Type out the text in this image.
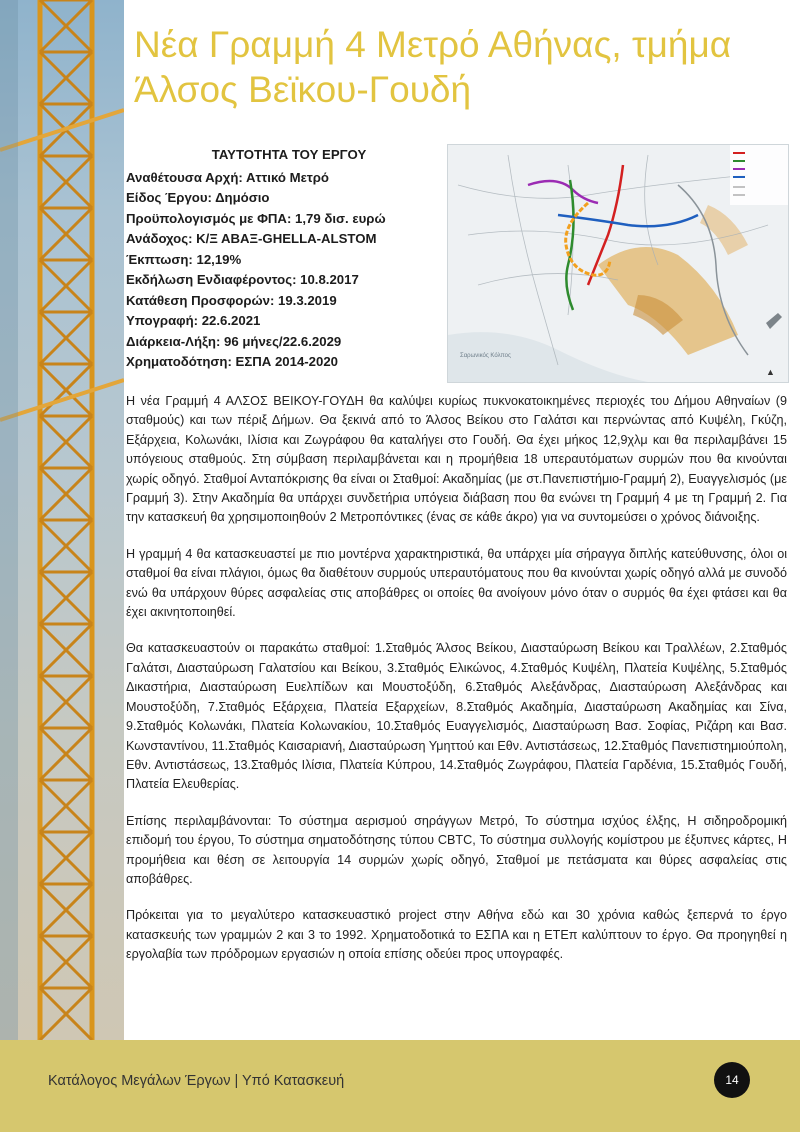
Νέα Γραμμή 4 Μετρό Αθήνας, τμήμα Άλσος Βεϊκου-Γουδή
ΤΑΥΤΟΤΗΤΑ ΤΟΥ ΕΡΓΟΥ
Αναθέτουσα Αρχή: Αττικό Μετρό
Είδος Έργου: Δημόσιο
Προϋπολογισμός με ΦΠΑ: 1,79 δισ. ευρώ
Ανάδοχος: Κ/Ξ ΑΒΑΞ-GHELLA-ALSTOM
Έκπτωση: 12,19%
Εκδήλωση Ενδιαφέροντος: 10.8.2017
Κατάθεση Προσφορών: 19.3.2019
Υπογραφή: 22.6.2021
Διάρκεια-Λήξη: 96 μήνες/22.6.2029
Χρηματοδότηση: ΕΣΠΑ 2014-2020	Σαρωνικός Κόλπος
▲

Η νέα Γραμμή 4 ΑΛΣΟΣ ΒΕΙΚΟΥ-ΓΟΥΔΗ θα καλύψει κυρίως πυκνοκατοικημένες περιοχές του Δήμου Αθηναίων (9 σταθμούς) και των πέριξ Δήμων. Θα ξεκινά από το Άλσος Βείκου στο Γαλάτσι και περνώντας από Κυψέλη, Γκύζη, Εξάρχεια, Κολωνάκι, Ιλίσια και Ζωγράφου θα καταλήγει στο Γουδή. Θα έχει μήκος 12,9χλμ και θα περιλαμβάνει 15 υπόγειους σταθμούς. Στη σύμβαση περιλαμβάνεται και η προμήθεια 18 υπεραυτόματων συρμών που θα κινούνται χωρίς οδηγό. Σταθμοί Ανταπόκρισης θα είναι οι Σταθμοί: Ακαδημίας (με στ.Πανεπιστήμιο-Γραμμή 2), Ευαγγελισμός (με Γραμμή 3). Στην Ακαδημία θα υπάρχει συνδετήρια υπόγεια διάβαση που θα ενώνει τη Γραμμή 4 με τη Γραμμή 2. Για την κατασκευή θα χρησιμοποιηθούν 2 Μετροπόντικες (ένας σε κάθε άκρο) για να συντομεύσει ο χρόνος διάνοιξης.

Η γραμμή 4 θα κατασκευαστεί με πιο μοντέρνα χαρακτηριστικά, θα υπάρχει μία σήραγγα διπλής κατεύθυνσης, όλοι οι σταθμοί θα είναι πλάγιοι, όμως θα διαθέτουν συρμούς υπεραυτόματους που θα κινούνται χωρίς οδηγό αλλά με συνοδό ενώ θα υπάρχουν θύρες ασφαλείας στις αποβάθρες οι οποίες θα ανοίγουν μόνο όταν ο συρμός θα έχει φτάσει και θα έχει ακινητοποιηθεί.

Θα κατασκευαστούν οι παρακάτω σταθμοί: 1.Σταθμός Άλσος Βείκου, Διασταύρωση Βείκου και Τραλλέων, 2.Σταθμός Γαλάτσι, Διασταύρωση Γαλατσίου και Βείκου, 3.Σταθμός Ελικώνος, 4.Σταθμός Κυψέλη, Πλατεία Κυψέλης, 5.Σταθμός Δικαστήρια, Διασταύρωση Ευελπίδων και Μουστοξύδη, 6.Σταθμός Αλεξάνδρας, Διασταύρωση Αλεξάνδρας και Μουστοξύδη, 7.Σταθμός Εξάρχεια, Πλατεία Εξαρχείων, 8.Σταθμός Ακαδημία, Διασταύρωση Ακαδημίας και Σίνα, 9.Σταθμός Κολωνάκι, Πλατεία Κολωνακίου, 10.Σταθμός Ευαγγελισμός, Διασταύρωση Βασ. Σοφίας, Ριζάρη και Βασ. Κωνσταντίνου, 11.Σταθμός Καισαριανή, Διασταύρωση Υμηττού και Εθν. Αντιστάσεως, 12.Σταθμός Πανεπιστημιούπολη, Εθν. Αντιστάσεως, 13.Σταθμός Ιλίσια, Πλατεία Κύπρου, 14.Σταθμός Ζωγράφου, Πλατεία Γαρδένια, 15.Σταθμός Γουδή, Πλατεία Ελευθερίας.

Επίσης περιλαμβάνονται: Το σύστημα αερισμού σηράγγων Μετρό, Το σύστημα ισχύος έλξης, Η σιδηροδρομική επιδομή του έργου, Το σύστημα σηματοδότησης τύπου CBTC, Το σύστημα συλλογής κομίστρου με έξυπνες κάρτες, Η προμήθεια και θέση σε λειτουργία 14 συρμών χωρίς οδηγό, Σταθμοί με πετάσματα και θύρες ασφαλείας στις αποβάθρες.

Πρόκειται για το μεγαλύτερο κατασκευαστικό project στην Αθήνα εδώ και 30 χρόνια καθώς ξεπερνά το έργο κατασκευής των γραμμών 2 και 3 το 1992. Χρηματοδοτικά το ΕΣΠΑ και η ΕΤΕπ καλύπτουν το έργο. Θα προηγηθεί η εργολαβία των πρόδρομων εργασιών η οποία επίσης οδεύει προς υπογραφές.

Κατάλογος Μεγάλων Έργων | Υπό Κατασκευή	14
